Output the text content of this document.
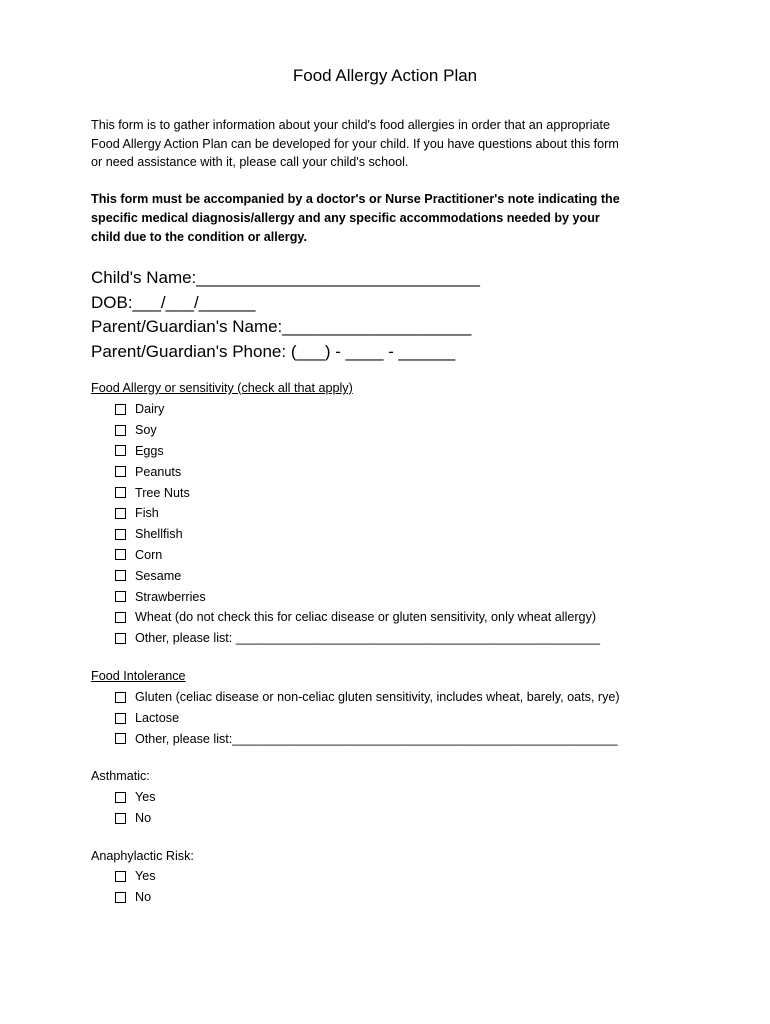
Food Allergy Action Plan
This form is to gather information about your child's food allergies in order that an appropriate
Food Allergy Action Plan can be developed for your child. If you have questions about this form
or need assistance with it, please call your child's school.
This form must be accompanied by a doctor's or Nurse Practitioner's note indicating the
specific medical diagnosis/allergy and any specific accommodations needed by your
child due to the condition or allergy.
Child's Name:______________________________
DOB:___/___/______
Parent/Guardian's Name:____________________
Parent/Guardian's Phone: (___) - ____ - ______
Food Allergy or sensitivity (check all that apply)
Dairy
Soy
Eggs
Peanuts
Tree Nuts
Fish
Shellfish
Corn
Sesame
Strawberries
Wheat (do not check this for celiac disease or gluten sensitivity, only wheat allergy)
Other, please list: ____________________________________________________
Food Intolerance
Gluten (celiac disease or non-celiac gluten sensitivity, includes wheat, barely, oats, rye)
Lactose
Other, please list:_______________________________________________________
Asthmatic:
Yes
No
Anaphylactic Risk:
Yes
No
